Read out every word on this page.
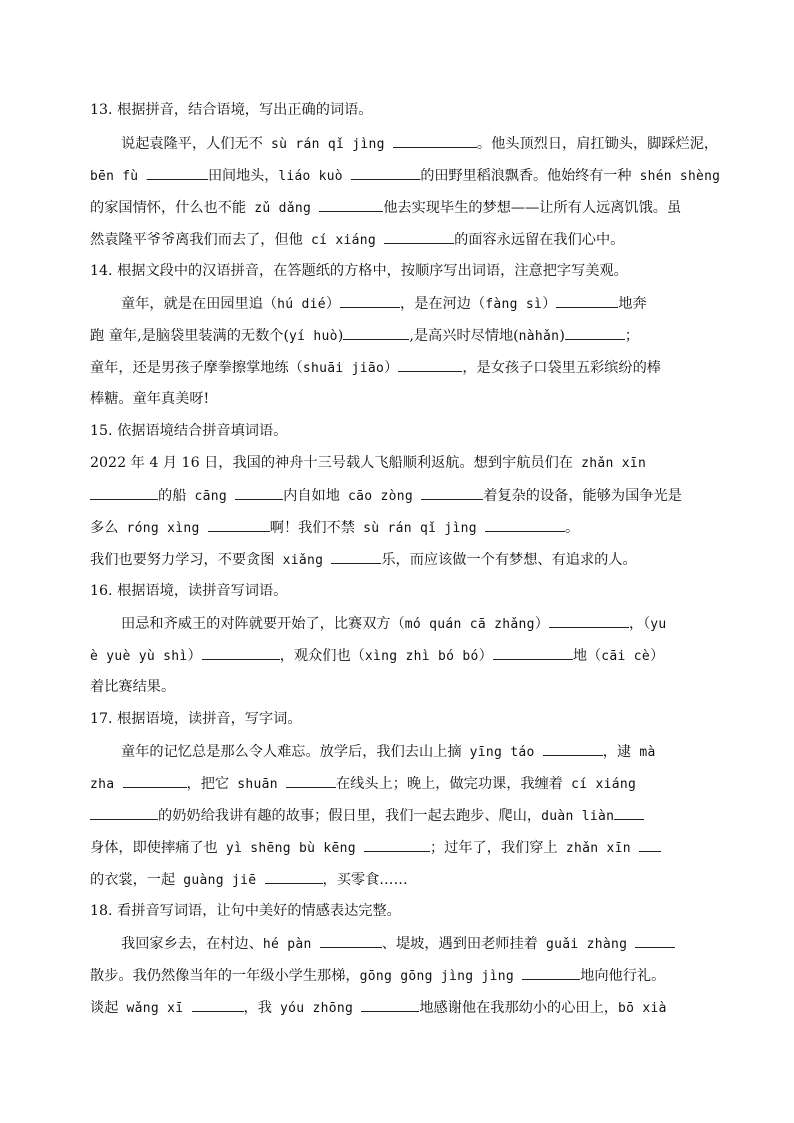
13. 根据拼音，结合语境，写出正确的词语。
说起袁隆平，人们无不 sù rán qǐ jìng	。他头顶烈日，肩扛锄头，脚踩烂泥，
bēn fù	田间地头，liáo kuò	的田野里稻浪飘香。他始终有一种 shén shèng
的家国情怀，什么也不能 zǔ dǎng	他去实现毕生的梦想——让所有人远离饥饿。虽
然袁隆平爷爷离我们而去了，但他 cí xiáng	的面容永远留在我们心中。
14. 根据文段中的汉语拼音，在答题纸的方格中，按顺序写出词语，注意把字写美观。
童年，就是在田园里追（hú dié）	，是在河边（fàng sì）	地奔
跑 童年,是脑袋里装满的无数个(yí huò)	,是高兴时尽情地(nàhǎn)	；
童年，还是男孩子摩拳擦掌地练（shuāi jiāo）	，是女孩子口袋里五彩缤纷的棒
棒糖。童年真美呀!
15. 依据语境结合拼音填词语。
2022 年 4 月 16 日，我国的神舟十三号载人飞船顺利返航。想到宇航员们在 zhǎn xīn
的船 cāng	内自如地 cāo zòng	着复杂的设备，能够为国争光是
多么 róng xìng	啊！我们不禁 sù rán qǐ jìng	。
我们也要努力学习，不要贪图 xiǎng	乐，而应该做一个有梦想、有追求的人。
16. 根据语境，读拼音写词语。
田忌和齐威王的对阵就要开始了，比赛双方（mó quán cā zhǎng）	，（yu
è yuè yù shì）	，观众们也（xìng zhì bó bó）	地（cāi cè）
着比赛结果。
17. 根据语境，读拼音，写字词。
童年的记忆总是那么令人难忘。放学后，我们去山上摘 yīng táo	，逮 mà
zha	，把它 shuān	在线头上；晚上，做完功课，我缠着 cí xiáng
的奶奶给我讲有趣的故事；假日里，我们一起去跑步、爬山，duàn liàn
身体，即使摔痛了也 yì shēng bù kēng	；过年了，我们穿上 zhǎn xīn
的衣裳，一起 guàng jiē	，买零食……
18. 看拼音写词语，让句中美好的情感表达完整。
我回家乡去，在村边、hé pàn	、堤坡，遇到田老师挂着 guǎi zhàng
散步。我仍然像当年的一年级小学生那梯，gōng gōng jìng jìng	地向他行礼。
谈起 wǎng xī	，我 yóu zhōng	地感谢他在我那幼小的心田上，bō xià
